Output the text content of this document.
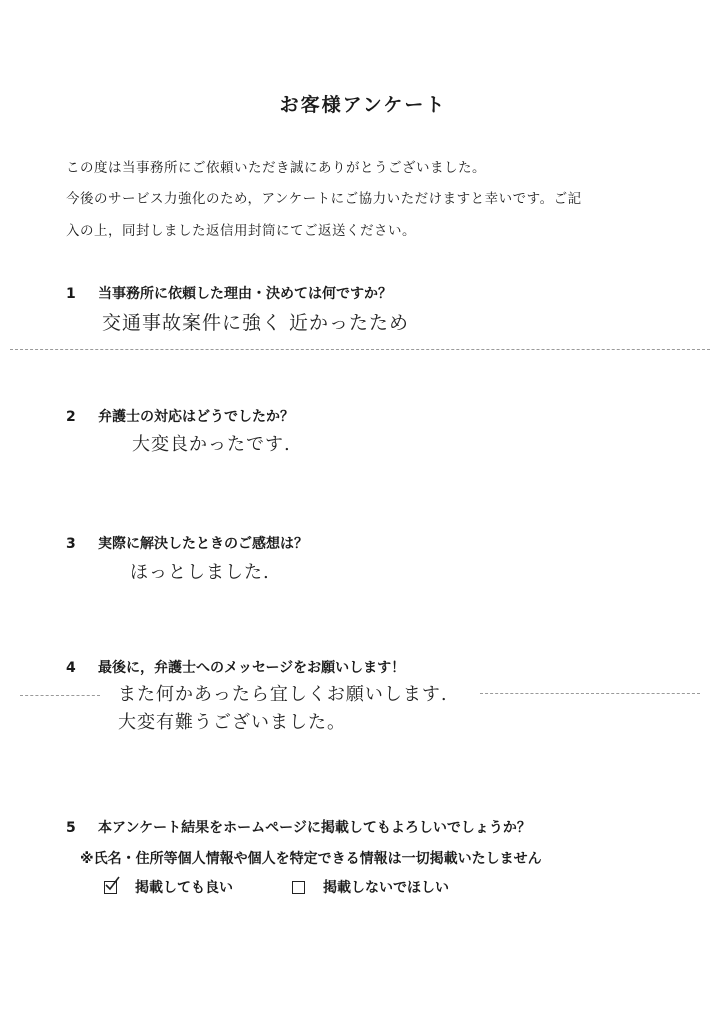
お客様アンケート
この度は当事務所にご依頼いただき誠にありがとうございました。
今後のサービス力強化のため，アンケートにご協力いただけますと幸いです。ご記
入の上，同封しました返信用封筒にてご返送ください。
1 当事務所に依頼した理由・決めては何ですか？
交通事故案件に強く 近かったため
2 弁護士の対応はどうでしたか？
大変良かったです.
3 実際に解決したときのご感想は？
ほっとしました.
4 最後に，弁護士へのメッセージをお願いします！
また何かあったら宜しくお願いします.
大変有難うございました。
5 本アンケート結果をホームページに掲載してもよろしいでしょうか？
※氏名・住所等個人情報や個人を特定できる情報は一切掲載いたしません
掲載しても良い	掲載しないでほしい
